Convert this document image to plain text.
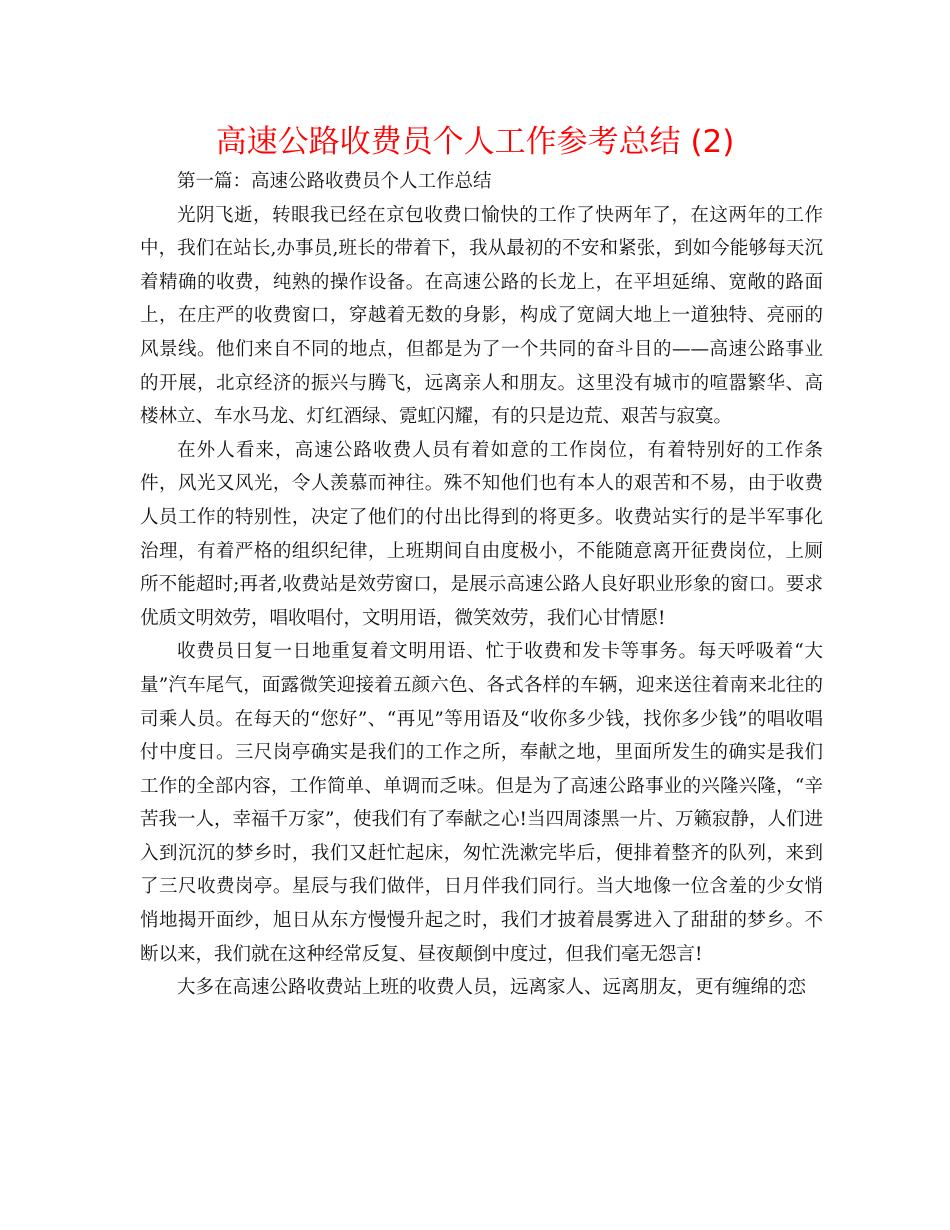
高速公路收费员个人工作参考总结 (2)

第一篇：高速公路收费员个人工作总结

光阴飞逝，转眼我已经在京包收费口愉快的工作了快两年了，在这两年的工作中，我们在站长,办事员,班长的带着下，我从最初的不安和紧张，到如今能够每天沉着精确的收费，纯熟的操作设备。在高速公路的长龙上，在平坦延绵、宽敞的路面上，在庄严的收费窗口，穿越着无数的身影，构成了宽阔大地上一道独特、亮丽的风景线。他们来自不同的地点，但都是为了一个共同的奋斗目的——高速公路事业的开展，北京经济的振兴与腾飞，远离亲人和朋友。这里没有城市的喧嚣繁华、高楼林立、车水马龙、灯红酒绿、霓虹闪耀，有的只是边荒、艰苦与寂寞。

在外人看来，高速公路收费人员有着如意的工作岗位，有着特别好的工作条件，风光又风光，令人羡慕而神往。殊不知他们也有本人的艰苦和不易，由于收费人员工作的特别性，决定了他们的付出比得到的将更多。收费站实行的是半军事化治理，有着严格的组织纪律，上班期间自由度极小，不能随意离开征费岗位，上厕所不能超时;再者,收费站是效劳窗口，是展示高速公路人良好职业形象的窗口。要求优质文明效劳，唱收唱付，文明用语，微笑效劳，我们心甘情愿!

收费员日复一日地重复着文明用语、忙于收费和发卡等事务。每天呼吸着“大量”汽车尾气，面露微笑迎接着五颜六色、各式各样的车辆，迎来送往着南来北往的司乘人员。在每天的“您好”、“再见”等用语及“收你多少钱，找你多少钱”的唱收唱付中度日。三尺岗亭确实是我们的工作之所，奉献之地，里面所发生的确实是我们工作的全部内容，工作简单、单调而乏味。但是为了高速公路事业的兴隆兴隆，“辛苦我一人，幸福千万家”，使我们有了奉献之心!当四周漆黑一片、万籁寂静，人们进入到沉沉的梦乡时，我们又赶忙起床，匆忙洗漱完毕后，便排着整齐的队列，来到了三尺收费岗亭。星辰与我们做伴，日月伴我们同行。当大地像一位含羞的少女悄悄地揭开面纱，旭日从东方慢慢升起之时，我们才披着晨雾进入了甜甜的梦乡。不断以来，我们就在这种经常反复、昼夜颠倒中度过，但我们毫无怨言!

大多在高速公路收费站上班的收费人员，远离家人、远离朋友，更有缠绵的恋
